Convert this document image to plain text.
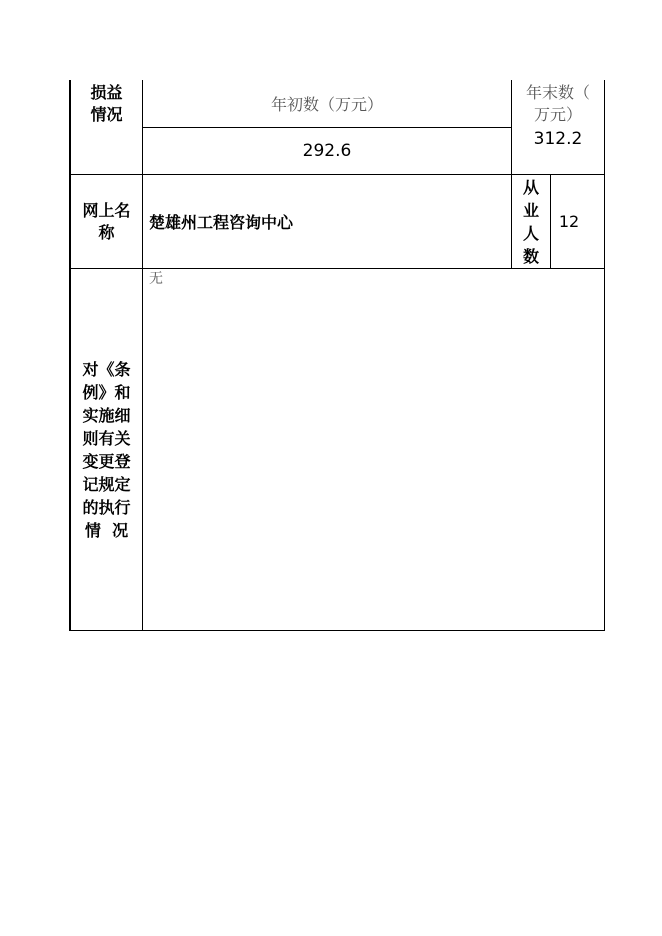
损益
情况
年初数（万元）
年末数（
万元）
292.6
312.2
网上名
称 楚雄州工程咨询中心
从
业
人
数
12
对《条
例》和
实施细
则有关
变更登
记规定
的执行
情  况
无
